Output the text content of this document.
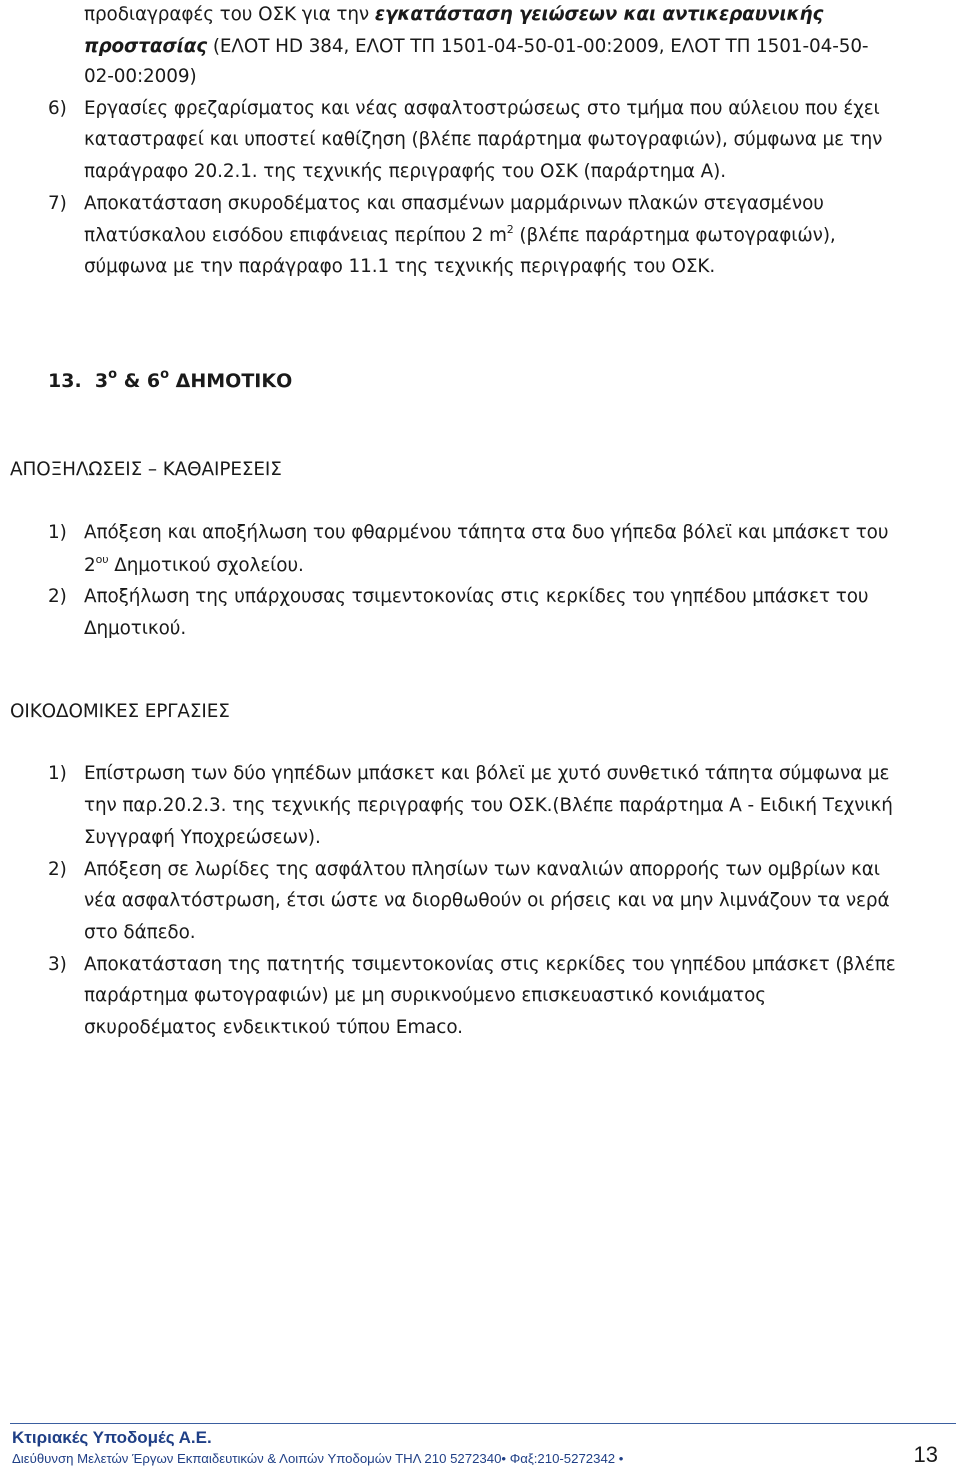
προδιαγραφές του ΟΣΚ για την εγκατάσταση γειώσεων και αντικεραυνικής
προστασίας (ΕΛΟΤ HD 384, ΕΛΟΤ ΤΠ 1501-04-50-01-00:2009, ΕΛΟΤ ΤΠ 1501-04-50-
02-00:2009)
6) Εργασίες φρεζαρίσματος και νέας ασφαλτοστρώσεως στο τμήμα που αύλειου που έχει
καταστραφεί και υποστεί καθίζηση (βλέπε παράρτημα φωτογραφιών), σύμφωνα με την
παράγραφο 20.2.1. της τεχνικής περιγραφής του ΟΣΚ (παράρτημα Α).
7) Αποκατάσταση σκυροδέματος και σπασμένων μαρμάρινων πλακών στεγασμένου
πλατύσκαλου εισόδου επιφάνειας περίπου 2 $m^2$ (βλέπε παράρτημα φωτογραφιών),
σύμφωνα με την παράγραφο 11.1 της τεχνικής περιγραφής του ΟΣΚ.
13. $3^o$ & $6^o$ ΔΗΜΟΤΙΚΟ
ΑΠΟΞΗΛΩΣΕΙΣ – ΚΑΘΑΙΡΕΣΕΙΣ
1) Απόξεση και αποξήλωση του φθαρμένου τάπητα στα δυο γήπεδα βόλεϊ και μπάσκετ του
$2^{o\upsilon}$ Δημοτικού σχολείου.
2) Αποξήλωση της υπάρχουσας τσιμεντοκονίας στις κερκίδες του γηπέδου μπάσκετ του
Δημοτικού.
ΟΙΚΟΔΟΜΙΚΕΣ ΕΡΓΑΣΙΕΣ
1) Επίστρωση των δύο γηπέδων μπάσκετ και βόλεϊ με χυτό συνθετικό τάπητα σύμφωνα με
την παρ.20.2.3. της τεχνικής περιγραφής του ΟΣΚ.(Βλέπε παράρτημα Α - Ειδική Τεχνική
Συγγραφή Υποχρεώσεων).
2) Απόξεση σε λωρίδες της ασφάλτου πλησίων των καναλιών απορροής των ομβρίων και
νέα ασφαλτόστρωση, έτσι ώστε να διορθωθούν οι ρήσεις και να μην λιμνάζουν τα νερά
στο δάπεδο.
3) Αποκατάσταση της πατητής τσιμεντοκονίας στις κερκίδες του γηπέδου μπάσκετ (βλέπε
παράρτημα φωτογραφιών) με μη συρικνούμενο επισκευαστικό κονιάματος
σκυροδέματος ενδεικτικού τύπου Emaco.
Κτιριακές Υποδομές Α.Ε.
Διεύθυνση Μελετών Έργων Εκπαιδευτικών & Λοιπών Υποδομών ΤΗΛ 210 5272340• Φαξ:210-5272342 •	13
